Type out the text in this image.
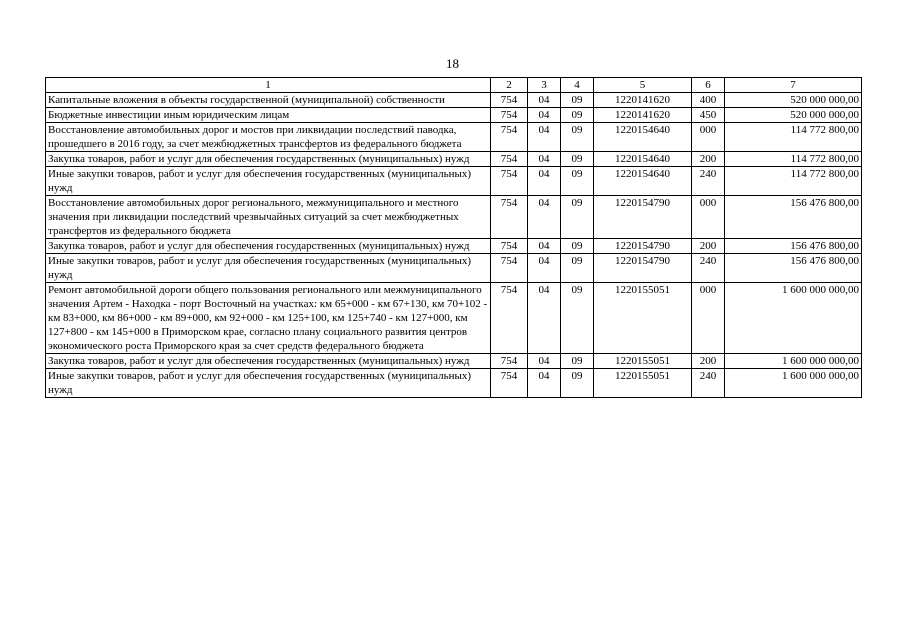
18
1	2	3	4	5	6	7
Капитальные вложения в объекты государственной (муниципальной) собственности	754	04	09	1220141620	400	520 000 000,00
Бюджетные инвестиции иным юридическим лицам	754	04	09	1220141620	450	520 000 000,00
Восстановление автомобильных дорог и мостов при ликвидации последствий паводка, прошедшего в 2016 году, за счет межбюджетных трансфертов из федерального бюджета	754	04	09	1220154640	000	114 772 800,00
Закупка товаров, работ и услуг для обеспечения государственных (муниципальных) нужд	754	04	09	1220154640	200	114 772 800,00
Иные закупки товаров, работ и услуг для обеспечения государственных (муниципальных) нужд	754	04	09	1220154640	240	114 772 800,00
Восстановление автомобильных дорог регионального, межмуниципального и местного значения при ликвидации последствий чрезвычайных ситуаций за счет межбюджетных трансфертов из федерального бюджета	754	04	09	1220154790	000	156 476 800,00
Закупка товаров, работ и услуг для обеспечения государственных (муниципальных) нужд	754	04	09	1220154790	200	156 476 800,00
Иные закупки товаров, работ и услуг для обеспечения государственных (муниципальных) нужд	754	04	09	1220154790	240	156 476 800,00
Ремонт автомобильной дороги общего пользования регионального или межмуниципального значения Артем - Находка - порт Восточный на участках: км 65+000 - км 67+130, км 70+102 - км 83+000, км 86+000 - км 89+000, км 92+000 - км 125+100, км 125+740 - км 127+000, км 127+800 - км 145+000 в Приморском крае, согласно плану социального развития центров экономического роста Приморского края за счет средств федерального бюджета	754	04	09	1220155051	000	1 600 000 000,00
Закупка товаров, работ и услуг для обеспечения государственных (муниципальных) нужд	754	04	09	1220155051	200	1 600 000 000,00
Иные закупки товаров, работ и услуг для обеспечения государственных (муниципальных) нужд	754	04	09	1220155051	240	1 600 000 000,00
